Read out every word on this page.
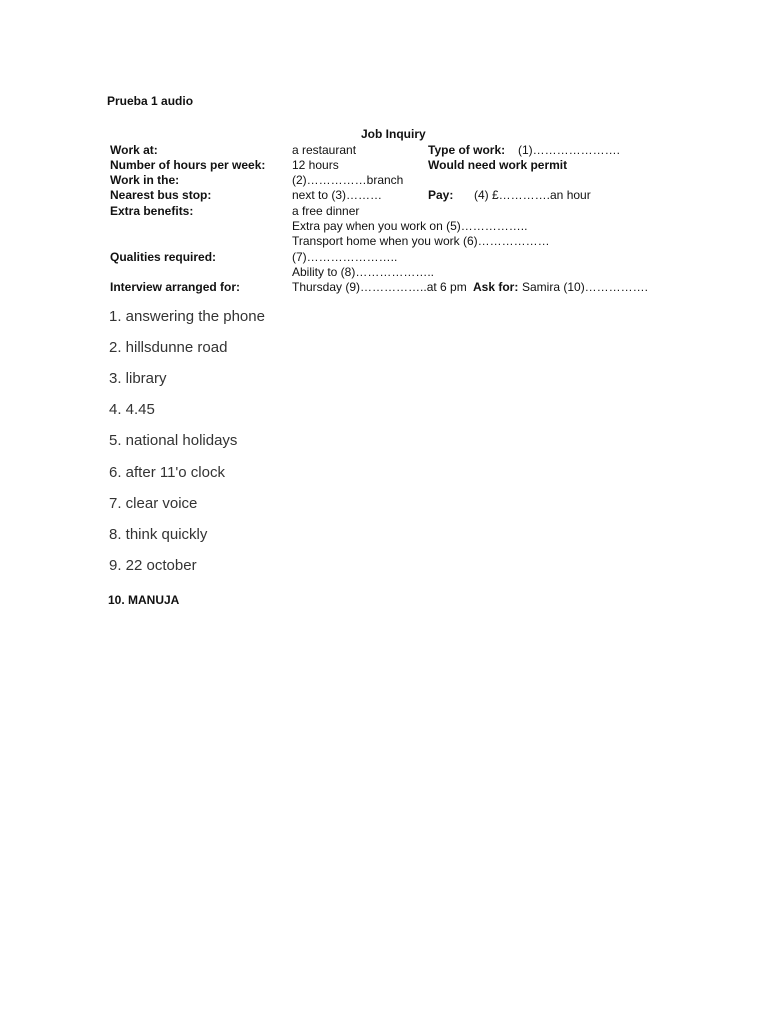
Prueba 1 audio
Job Inquiry
Work at:	a restaurant	Type of work: (1)………………….
Number of hours per week: 12 hours	Would need work permit
Work in the:	(2)……………branch
Nearest bus stop:	next to (3)………	Pay: (4) £………….an hour
Extra benefits:	a free dinner
Extra pay when you work on (5)……………..
Transport home when you work (6)………………
Qualities required:	(7)…………………..
Ability to (8)………………..
Interview arranged for:	Thursday (9)……………..at 6 pm Ask for: Samira (10)…………….
1. answering the phone
2. hillsdunne road
3. library
4. 4.45
5. national holidays
6. after 11'o clock
7. clear voice
8. think quickly
9. 22 october
10. MANUJA
